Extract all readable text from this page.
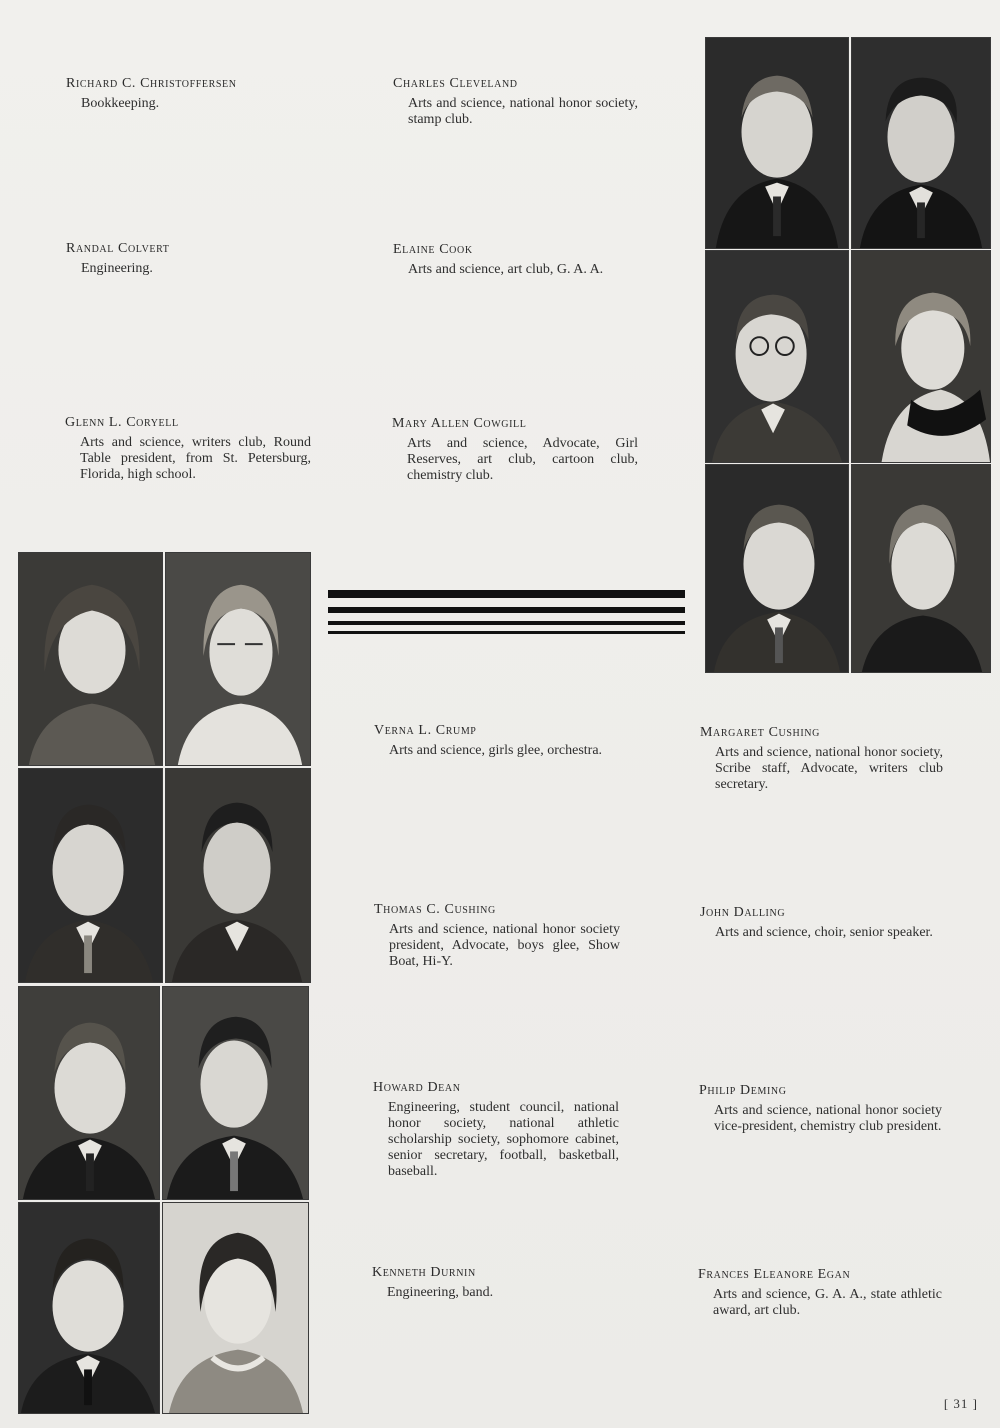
Richard C. Christoffersen

Bookkeeping.

Charles Cleveland

Arts and science, national honor society, stamp club.

Randal Colvert

Engineering.

Elaine Cook

Arts and science, art club, G. A. A.

Glenn L. Coryell

Arts and science, writers club, Round Table president, from St. Petersburg, Florida, high school.

Mary Allen Cowgill

Arts and science, Advocate, Girl Reserves, art club, cartoon club, chemistry club.

Verna L. Crump

Arts and science, girls glee, orchestra.

Margaret Cushing

Arts and science, national honor society, Scribe staff, Advocate, writers club secretary.

Thomas C. Cushing

Arts and science, national honor society president, Advocate, boys glee, Show Boat, Hi-Y.

John Dalling

Arts and science, choir, senior speaker.

Howard Dean

Engineering, student council, national honor society, national athletic scholarship society, sophomore cabinet, senior secretary, football, basketball, baseball.

Philip Deming

Arts and science, national honor society vice-president, chemistry club president.

Kenneth Durnin

Engineering, band.

Frances Eleanore Egan

Arts and science, G. A. A., state athletic award, art club.

[ 31 ]
